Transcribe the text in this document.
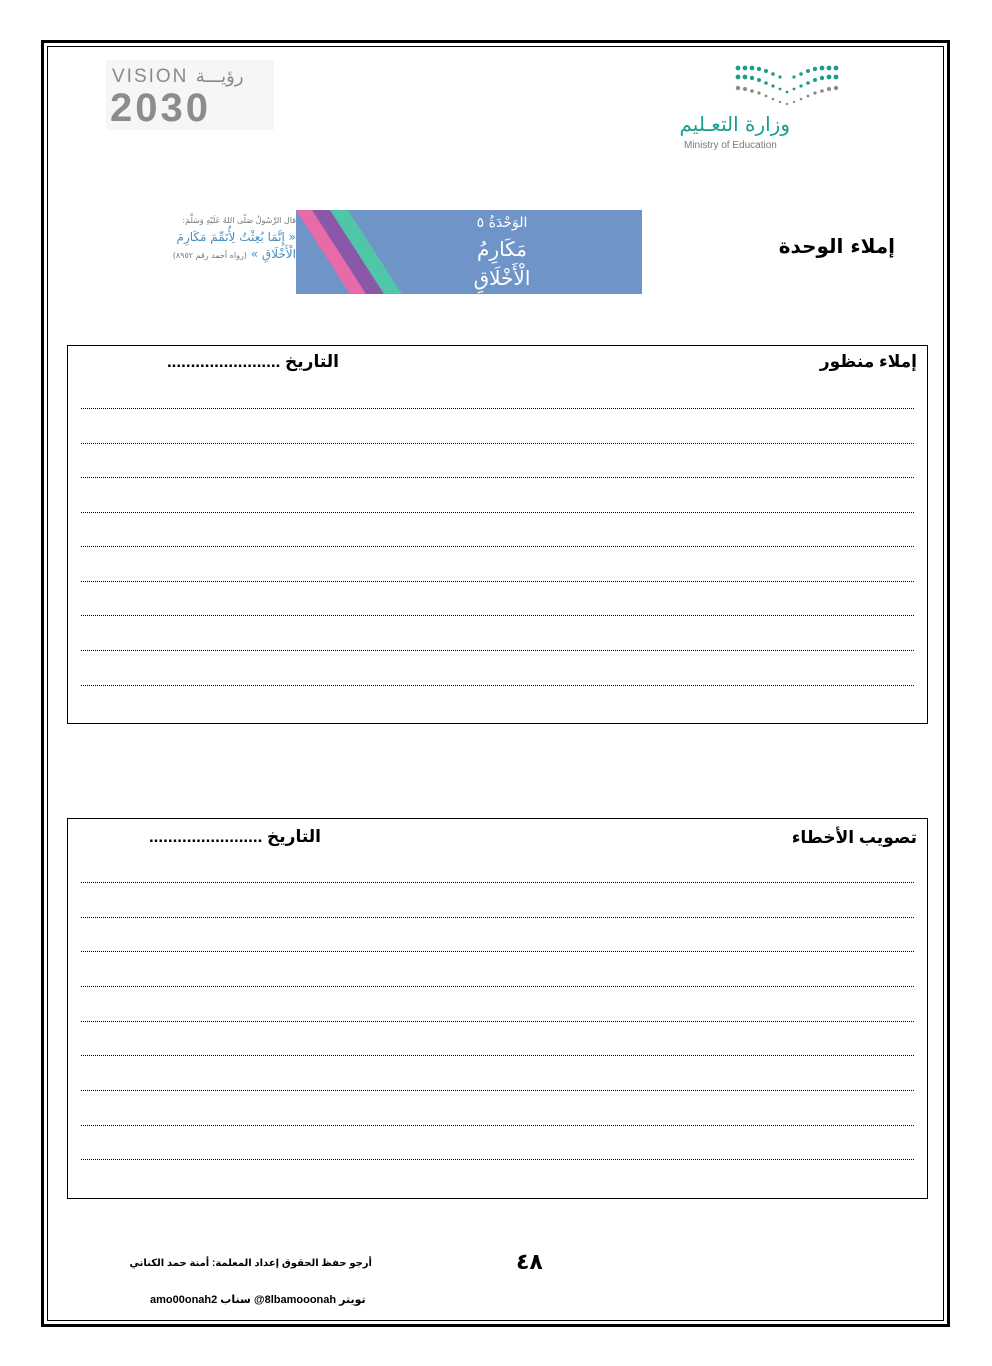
VISION رؤيـــة
2030	وزارة التعـليم
Ministry of Education
قال الرَّسُولُ صَلّى اللهُ عَلَيْهِ وَسَلَّمَ:
« إِنَّمَا بُعِثْتُ لِأُتَمِّمَ مَكَارِمَ
الْأَخْلَاقِ » (رواه أحمد رقم ٨٩٥٢)
الوَحْدَةُ ٥
مَكَارِمُ
الْأَخْلَاقِ
إملاء الوحدة
إملاء منظور
التاريخ ........................
تصويب الأخطاء
التاريخ ........................
٤٨
أرجو حفظ الحقوق إعداد المعلمة: أمنة حمد الكناني
تويتر 8lbamooonah@ سناب amo00onah2
